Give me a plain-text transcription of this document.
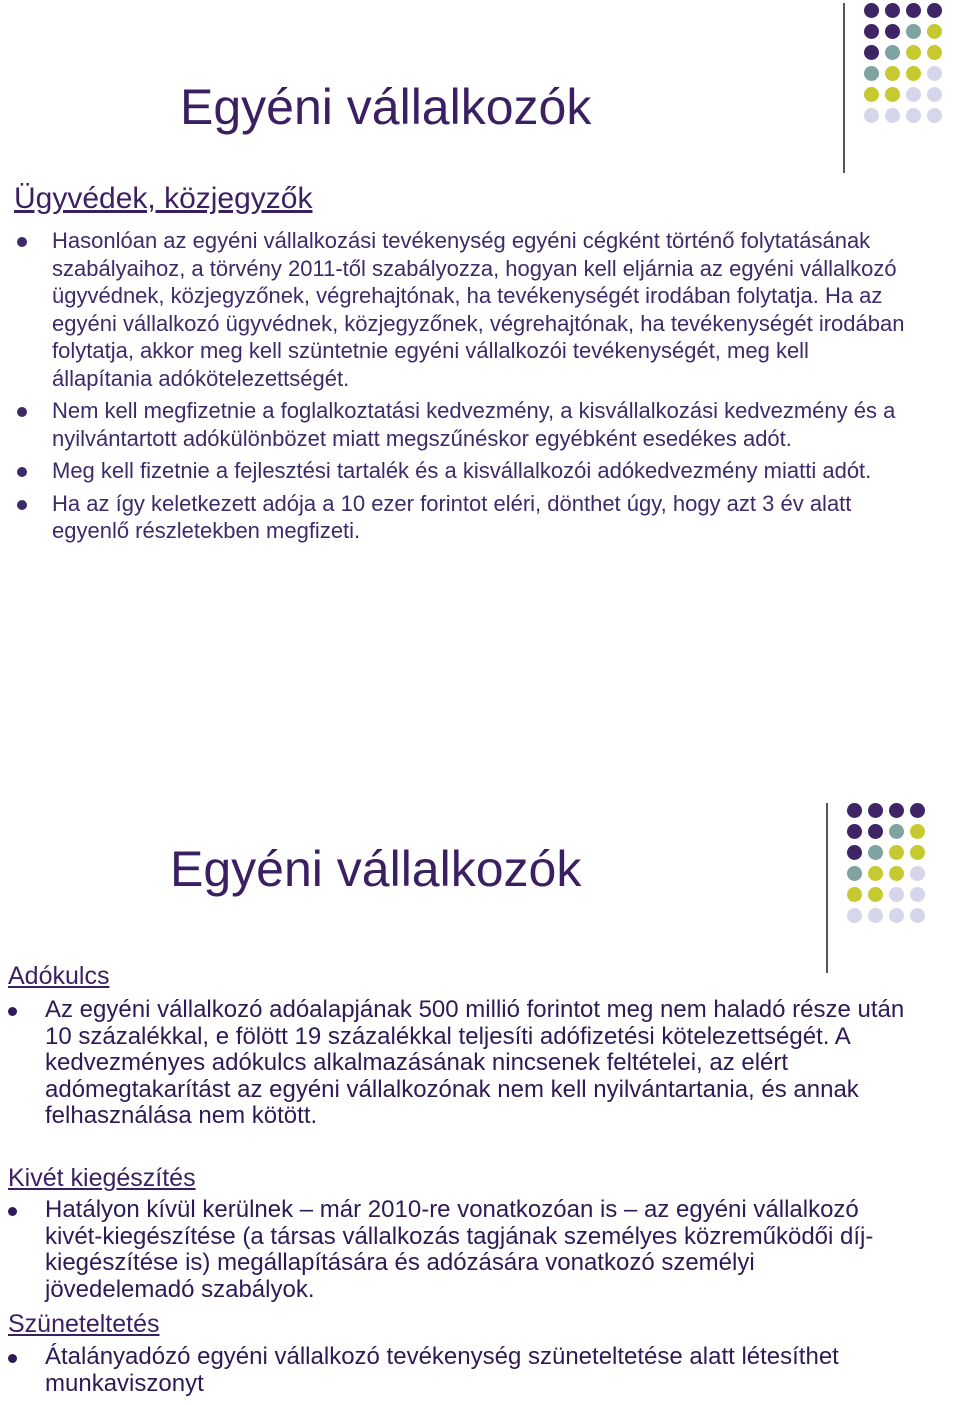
Egyéni vállalkozók
Ügyvédek, közjegyzők
Hasonlóan az egyéni vállalkozási tevékenység egyéni cégként történő folytatásának szabályaihoz, a törvény 2011-től szabályozza, hogyan kell eljárnia az egyéni vállalkozó ügyvédnek, közjegyzőnek, végrehajtónak, ha tevékenységét irodában folytatja. Ha az egyéni vállalkozó ügyvédnek, közjegyzőnek, végrehajtónak, ha tevékenységét irodában folytatja, akkor meg kell szüntetnie egyéni vállalkozói tevékenységét, meg kell állapítania adókötelezettségét.
Nem kell megfizetnie a foglalkoztatási kedvezmény, a kisvállalkozási kedvezmény és a nyilvántartott adókülönbözet miatt megszűnéskor egyébként esedékes adót.
Meg kell fizetnie a fejlesztési tartalék és a kisvállalkozói adókedvezmény miatti adót.
Ha az így keletkezett adója a 10 ezer forintot eléri, dönthet úgy, hogy azt 3 év alatt egyenlő részletekben megfizeti.
Egyéni vállalkozók
Adókulcs
Az egyéni vállalkozó adóalapjának 500 millió forintot meg nem haladó része után 10 százalékkal, e fölött 19 százalékkal teljesíti adófizetési kötelezettségét. A kedvezményes adókulcs alkalmazásának nincsenek feltételei, az elért adómegtakarítást az egyéni vállalkozónak nem kell nyilvántartania, és annak felhasználása nem kötött.
Kivét kiegészítés
Hatályon kívül kerülnek – már 2010-re vonatkozóan is – az egyéni vállalkozó kivét-kiegészítése (a társas vállalkozás tagjának személyes közreműködői díj-kiegészítése is) megállapítására és adózására vonatkozó személyi jövedelemadó szabályok.
Szüneteltetés
Átalányadózó egyéni vállalkozó tevékenység szüneteltetése alatt létesíthet munkaviszonyt
